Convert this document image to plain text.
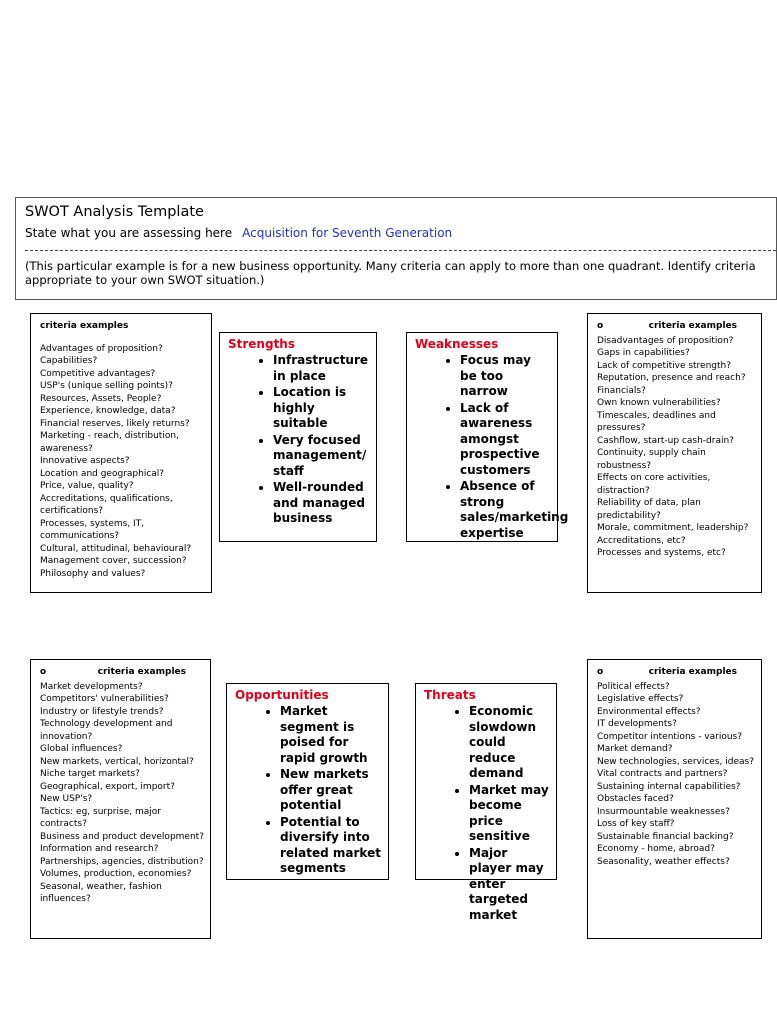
SWOT Analysis Template
State what you are assessing here Acquisition for Seventh Generation
(This particular example is for a new business opportunity. Many criteria can apply to more than one quadrant. Identify criteria appropriate to your own SWOT situation.)
criteria examples
Advantages of proposition?
Capabilities?
Competitive advantages?
USP's (unique selling points)?
Resources, Assets, People?
Experience, knowledge, data?
Financial reserves, likely returns?
Marketing - reach, distribution, awareness?
Innovative aspects?
Location and geographical?
Price, value, quality?
Accreditations, qualifications, certifications?
Processes, systems, IT, communications?
Cultural, attitudinal, behavioural?
Management cover, succession?
Philosophy and values?
Strengths
• Infrastructure in place
• Location is highly suitable
• Very focused management/ staff
• Well-rounded and managed business
Weaknesses
• Focus may be too narrow
• Lack of awareness amongst prospective customers
• Absence of strong sales/marketing expertise
o	criteria examples
Disadvantages of proposition?
Gaps in capabilities?
Lack of competitive strength?
Reputation, presence and reach?
Financials?
Own known vulnerabilities?
Timescales, deadlines and pressures?
Cashflow, start-up cash-drain?
Continuity, supply chain robustness?
Effects on core activities, distraction?
Reliability of data, plan predictability?
Morale, commitment, leadership?
Accreditations, etc?
Processes and systems, etc?
o	criteria examples
Market developments?
Competitors' vulnerabilities?
Industry or lifestyle trends?
Technology development and innovation?
Global influences?
New markets, vertical, horizontal?
Niche target markets?
Geographical, export, import?
New USP's?
Tactics: eg, surprise, major contracts?
Business and product development?
Information and research?
Partnerships, agencies, distribution?
Volumes, production, economies?
Seasonal, weather, fashion influences?
Opportunities
• Market segment is poised for rapid growth
• New markets offer great potential
• Potential to diversify into related market segments
Threats
• Economic slowdown could reduce demand
• Market may become price sensitive
• Major player may enter targeted market
o	criteria examples
Political effects?
Legislative effects?
Environmental effects?
IT developments?
Competitor intentions - various?
Market demand?
New technologies, services, ideas?
Vital contracts and partners?
Sustaining internal capabilities?
Obstacles faced?
Insurmountable weaknesses?
Loss of key staff?
Sustainable financial backing?
Economy - home, abroad?
Seasonality, weather effects?
